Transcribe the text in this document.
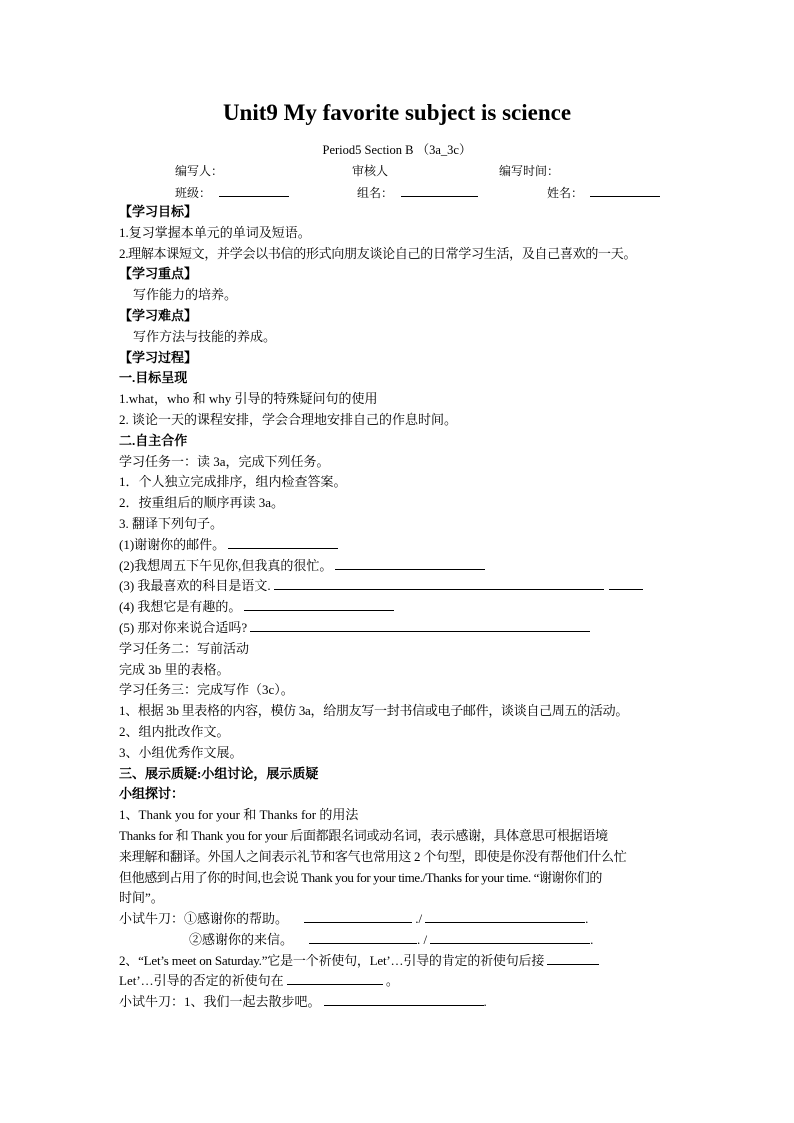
Unit9 My favorite subject is science
Period5 Section B （3a_3c）
编写人：	审核人	编写时间：
班级：	组名：	姓名：
【学习目标】
1.复习掌握本单元的单词及短语。
2.理解本课短文，并学会以书信的形式向朋友谈论自己的日常学习生活，及自己喜欢的一天。
【学习重点】
写作能力的培养。
【学习难点】
写作方法与技能的养成。
【学习过程】
一.目标呈现
1.what，who 和 why 引导的特殊疑问句的使用
2. 谈论一天的课程安排，学会合理地安排自己的作息时间。
二.自主合作
学习任务一：读 3a，完成下列任务。
1．个人独立完成排序，组内检查答案。
2．按重组后的顺序再读 3a。
3. 翻译下列句子。
(1)谢谢你的邮件。
(2)我想周五下午见你,但我真的很忙。
(3) 我最喜欢的科目是语文.
(4) 我想它是有趣的。
(5) 那对你来说合适吗?
学习任务二：写前活动
完成 3b 里的表格。
学习任务三：完成写作（3c）。
1、根据 3b 里表格的内容，模仿 3a，给朋友写一封书信或电子邮件，谈谈自己周五的活动。
2、组内批改作文。
3、小组优秀作文展。
三、展示质疑:小组讨论，展示质疑
小组探讨：
1、Thank you for your 和 Thanks for 的用法
Thanks for 和 Thank you for your 后面都跟名词或动名词，表示感谢，具体意思可根据语境
来理解和翻译。外国人之间表示礼节和客气也常用这 2 个句型，即使是你没有帮他们什么忙
但他感到占用了你的时间,也会说 Thank you for your time./Thanks for your time. “谢谢你们的
时间”。
小试牛刀：①感谢你的帮助。	./	.
②感谢你的来信。	. /	.
2、“Let’s meet on Saturday.”它是一个祈使句，Let’…引导的肯定的祈使句后接
Let’…引导的否定的祈使句在	。
小试牛刀：1、我们一起去散步吧。	.
